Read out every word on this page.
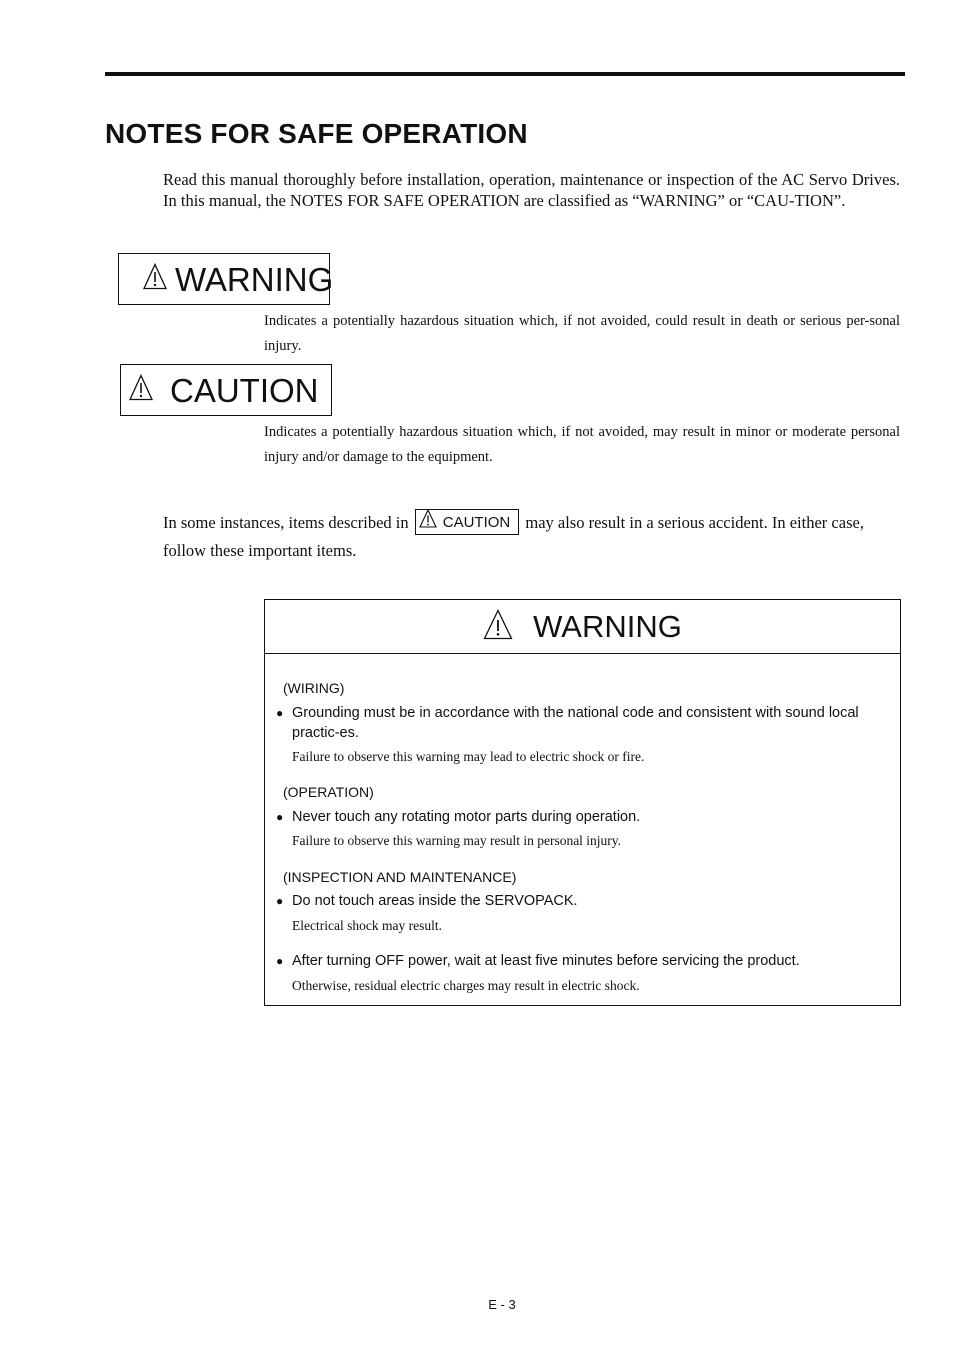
NOTES FOR SAFE OPERATION

Read this manual thoroughly before installation, operation, maintenance or inspection of the AC Servo Drives. In this manual, the NOTES FOR SAFE OPERATION are classified as “WARNING” or “CAU-TION”.

WARNING

Indicates a potentially hazardous situation which, if not avoided, could result in death or serious per-sonal injury.

CAUTION

Indicates a potentially hazardous situation which, if not avoided, may result in minor or moderate personal injury and/or damage to the equipment.

In some instances, items described in CAUTION may also result in a serious accident. In either case, follow these important items.

WARNING
(WIRING)
● Grounding must be in accordance with the national code and consistent with sound local practic-es.
Failure to observe this warning may lead to electric shock or fire.
(OPERATION)
● Never touch any rotating motor parts during operation.
Failure to observe this warning may result in personal injury.
(INSPECTION AND MAINTENANCE)
● Do not touch areas inside the SERVOPACK.
Electrical shock may result.
● After turning OFF power, wait at least five minutes before servicing the product.
Otherwise, residual electric charges may result in electric shock.
E - 3
